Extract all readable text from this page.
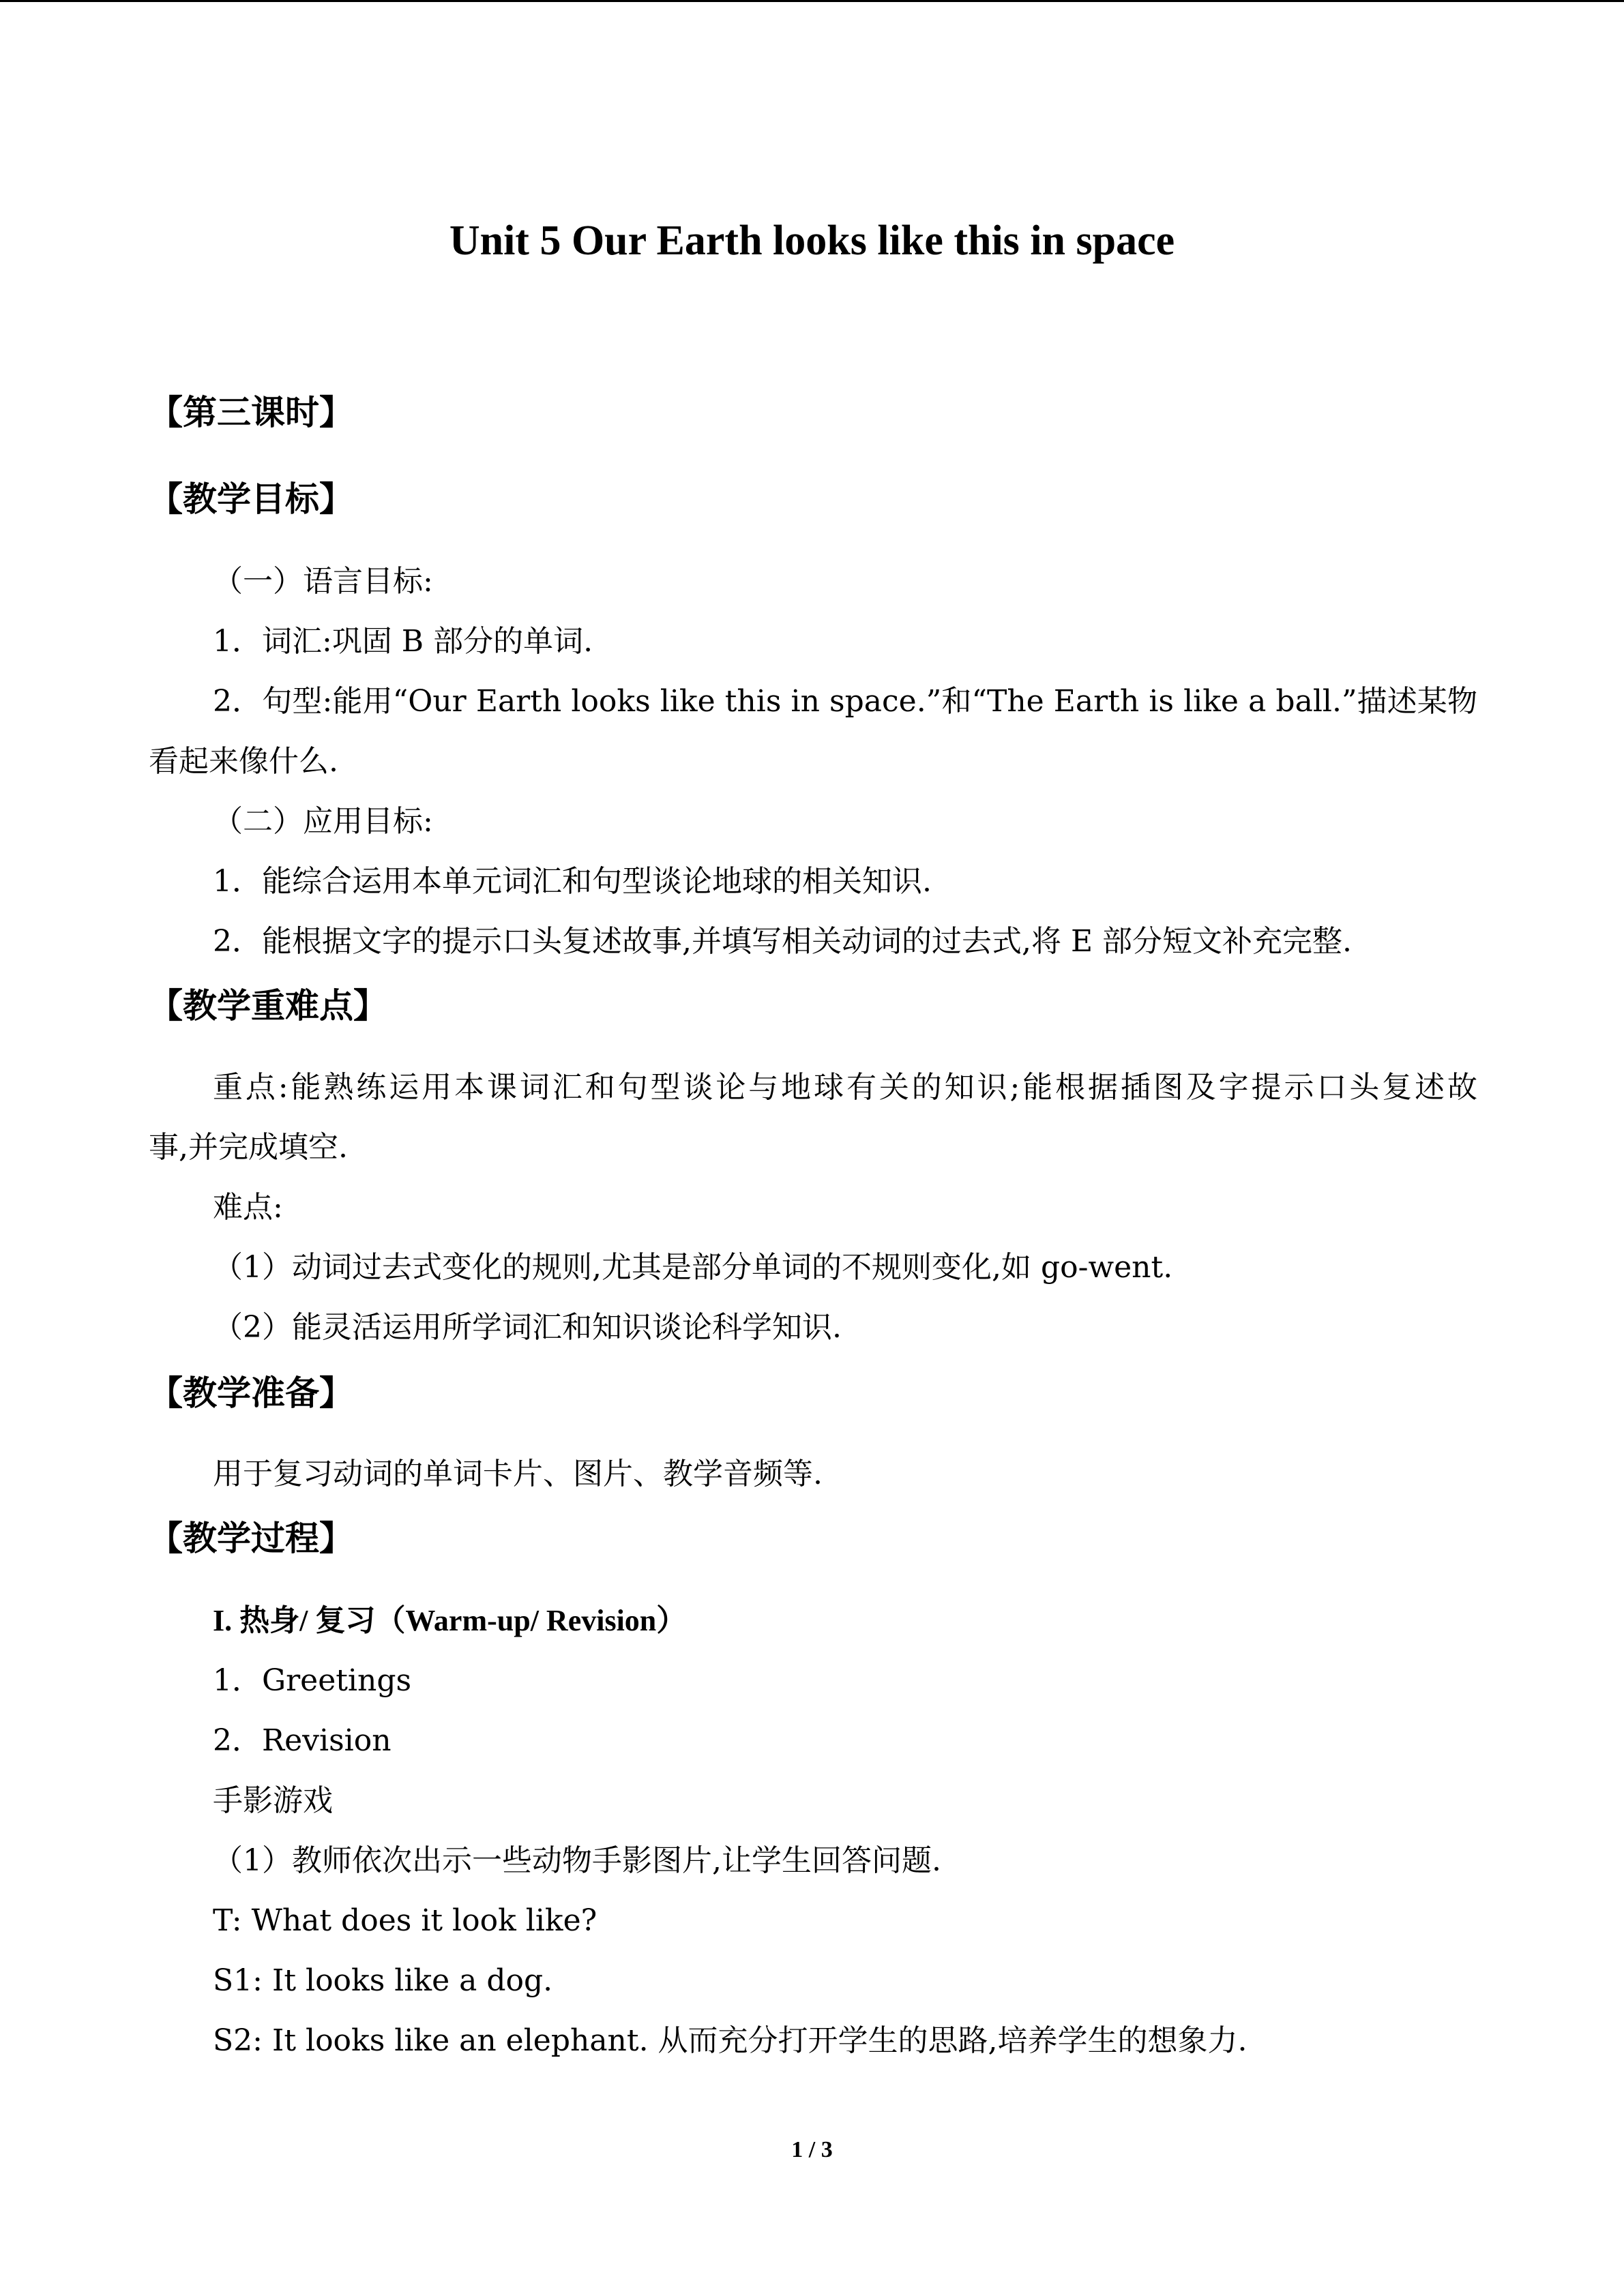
Unit 5 Our Earth looks like this in space
【第三课时】
【教学目标】
（一）语言目标:
1．词汇:巩固 B 部分的单词.
2．句型:能用“Our Earth looks like this in space.”和“The Earth is like a ball.”描述某物
看起来像什么.
（二）应用目标:
1．能综合运用本单元词汇和句型谈论地球的相关知识.
2．能根据文字的提示口头复述故事,并填写相关动词的过去式,将 E 部分短文补充完整.
【教学重难点】
重点:能熟练运用本课词汇和句型谈论与地球有关的知识;能根据插图及字提示口头复述故
事,并完成填空.
难点:
（1）动词过去式变化的规则,尤其是部分单词的不规则变化,如 go-went.
（2）能灵活运用所学词汇和知识谈论科学知识.
【教学准备】
用于复习动词的单词卡片、图片、教学音频等.
【教学过程】
I. 热身/ 复习（Warm-up/ Revision）
1．Greetings
2．Revision
手影游戏
（1）教师依次出示一些动物手影图片,让学生回答问题.
T: What does it look like?
S1: It looks like a dog.
S2: It looks like an elephant. 从而充分打开学生的思路,培养学生的想象力.
1 / 3
